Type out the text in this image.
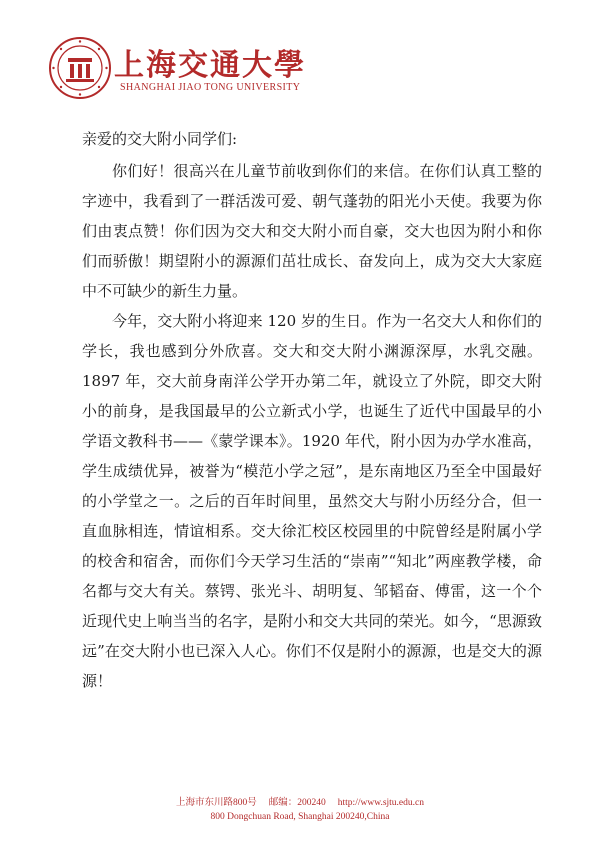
上海交通大學
SHANGHAI JIAO TONG UNIVERSITY

亲爱的交大附小同学们:

你们好！很高兴在儿童节前收到你们的来信。在你们认真工整的字迹中，我看到了一群活泼可爱、朝气蓬勃的阳光小天使。我要为你们由衷点赞！你们因为交大和交大附小而自豪，交大也因为附小和你们而骄傲！期望附小的源源们茁壮成长、奋发向上，成为交大大家庭中不可缺少的新生力量。

今年，交大附小将迎来 120 岁的生日。作为一名交大人和你们的学长，我也感到分外欣喜。交大和交大附小渊源深厚，水乳交融。1897 年，交大前身南洋公学开办第二年，就设立了外院，即交大附小的前身，是我国最早的公立新式小学，也诞生了近代中国最早的小学语文教科书——《蒙学课本》。1920 年代，附小因为办学水准高，学生成绩优异，被誉为“模范小学之冠”，是东南地区乃至全中国最好的小学堂之一。之后的百年时间里，虽然交大与附小历经分合，但一直血脉相连，情谊相系。交大徐汇校区校园里的中院曾经是附属小学的校舍和宿舍，而你们今天学习生活的“崇南”“知北”两座教学楼，命名都与交大有关。蔡锷、张光斗、胡明复、邹韬奋、傅雷，这一个个近现代史上响当当的名字，是附小和交大共同的荣光。如今，“思源致远”在交大附小也已深入人心。你们不仅是附小的源源，也是交大的源源！

上海市东川路800号 邮编：200240 http://www.sjtu.edu.cn
800 Dongchuan Road, Shanghai 200240,China
